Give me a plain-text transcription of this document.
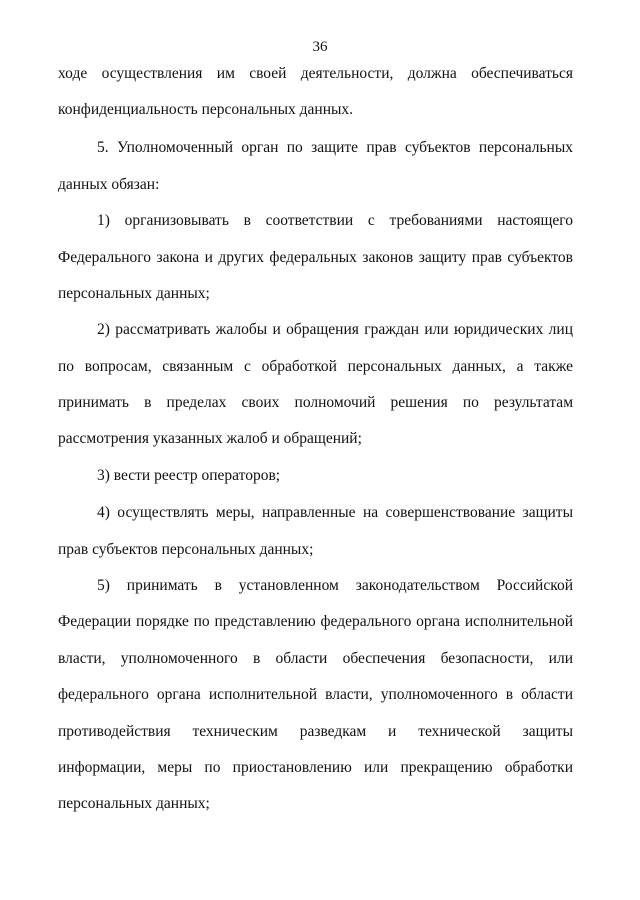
36
ходе осуществления им своей деятельности, должна обеспечиваться
конфиденциальность персональных данных.
5. Уполномоченный орган по защите прав субъектов персональных
данных обязан:
1) организовывать в соответствии с требованиями настоящего
Федерального закона и других федеральных законов защиту прав субъектов
персональных данных;
2) рассматривать жалобы и обращения граждан или юридических лиц
по вопросам, связанным с обработкой персональных данных, а также
принимать в пределах своих полномочий решения по результатам
рассмотрения указанных жалоб и обращений;
3) вести реестр операторов;
4) осуществлять меры, направленные на совершенствование защиты
прав субъектов персональных данных;
5) принимать в установленном законодательством Российской
Федерации порядке по представлению федерального органа исполнительной
власти, уполномоченного в области обеспечения безопасности, или
федерального органа исполнительной власти, уполномоченного в области
противодействия техническим разведкам и технической защиты
информации, меры по приостановлению или прекращению обработки
персональных данных;
